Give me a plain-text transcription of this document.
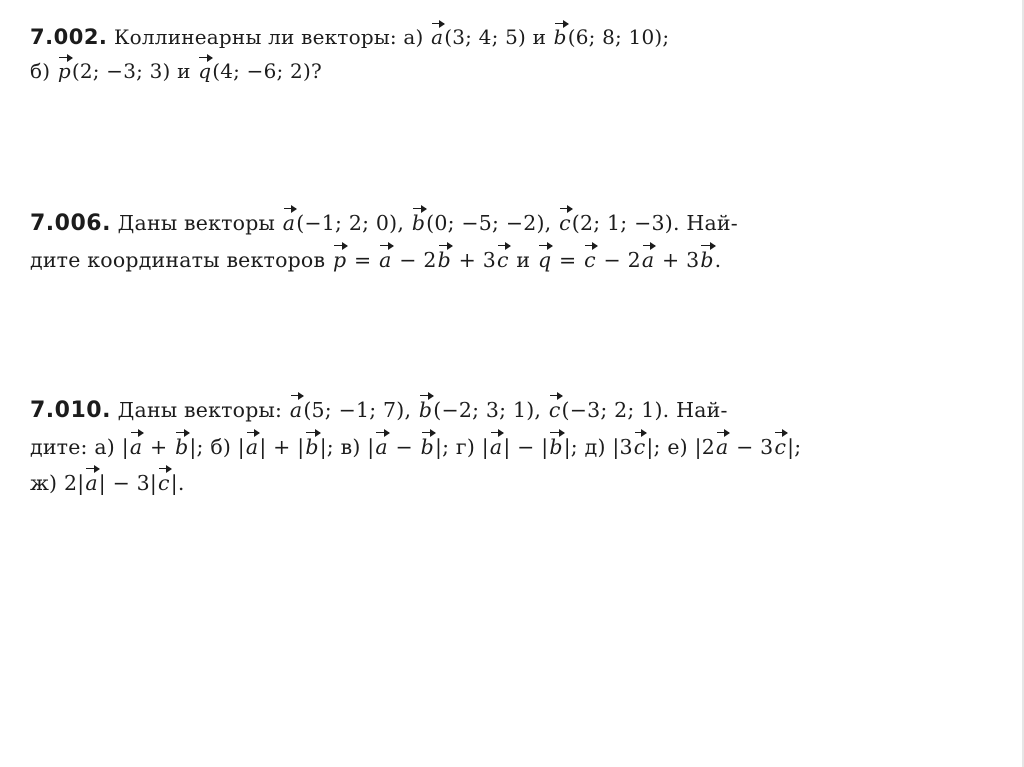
7.002. Коллинеарны ли векторы: а) a(3; 4; 5) и b(6; 8; 10);
б) p(2; −3; 3) и q(4; −6; 2)?
7.006. Даны векторы a(−1; 2; 0), b(0; −5; −2), c(2; 1; −3). Най-
дите координаты векторов p = a − 2b + 3c и q = c − 2a + 3b.
7.010. Даны векторы: a(5; −1; 7), b(−2; 3; 1), c(−3; 2; 1). Най-
дите: а) |a + b|; б) |a| + |b|; в) |a − b|; г) |a| − |b|; д) |3c|; е) |2a − 3c|;
ж) 2|a| − 3|c|.
